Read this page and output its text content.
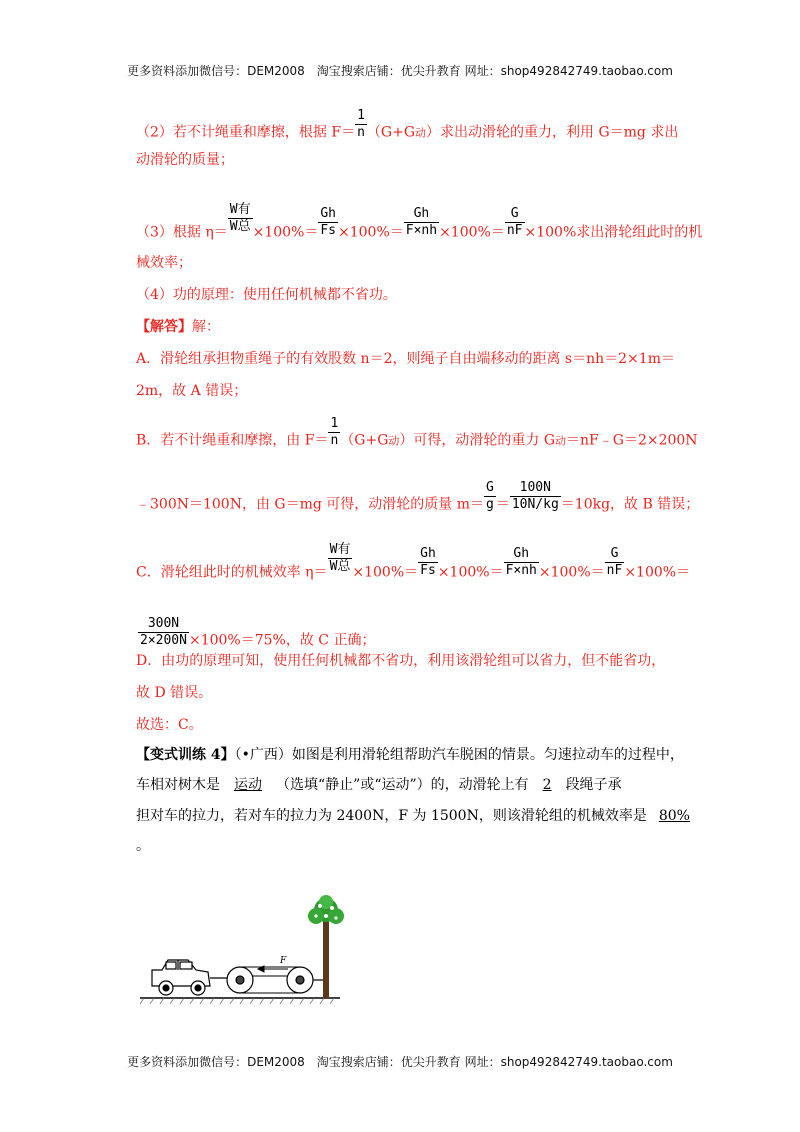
更多资料添加微信号：DEM2008　淘宝搜索店铺：优尖升教育 网址：shop492842749.taobao.com
（2）若不计绳重和摩擦，根据 $F= \frac{1}{n} (G+G$动）求出动滑轮的重力，利用 G＝mg 求出
动滑轮的质量；
（3）根据 $\eta= \frac{\text{W有}}{\text{W总}} \times 100\%= \frac{Gh}{Fs} \times 100\%= \frac{Gh}{F\times nh} \times 100\%= \frac{G}{nF} \times 100\%$求出滑轮组此时的机
械效率；
（4）功的原理：使用任何机械都不省功。
【解答】解：
A．滑轮组承担物重绳子的有效股数 n＝2，则绳子自由端移动的距离 s＝nh＝2×1m＝
2m，故 A 错误；
B．若不计绳重和摩擦，由 $F= \frac{1}{n} (G+G$动）可得，动滑轮的重力 G动＝nF﹣G＝2×200N
﹣300N＝100N，由 G＝mg 可得，动滑轮的质量 $m= \frac{G}{g} = \frac{100N}{10N/kg} =10kg$，故 B 错误；
C．滑轮组此时的机械效率 $\eta= \frac{\text{W有}}{\text{W总}} \times 100\%= \frac{Gh}{Fs} \times 100\%= \frac{Gh}{F\times nh} \times 100\%= \frac{G}{nF} \times 100\%=$
$\frac{300N}{2\times 200N} \times 100\%=75\%$，故 C 正确；
D．由功的原理可知，使用任何机械都不省功，利用该滑轮组可以省力，但不能省功，
故 D 错误。
故选：C。
【变式训练 4】（•广西）如图是利用滑轮组帮助汽车脱困的情景。匀速拉动车的过程中，
车相对树木是 运动 （选填“静止”或“运动”）的，动滑轮上有 2 段绳子承
担对车的拉力，若对车的拉力为 2400N，F 为 1500N，则该滑轮组的机械效率是 80%
。
F
更多资料添加微信号：DEM2008　淘宝搜索店铺：优尖升教育 网址：shop492842749.taobao.com
